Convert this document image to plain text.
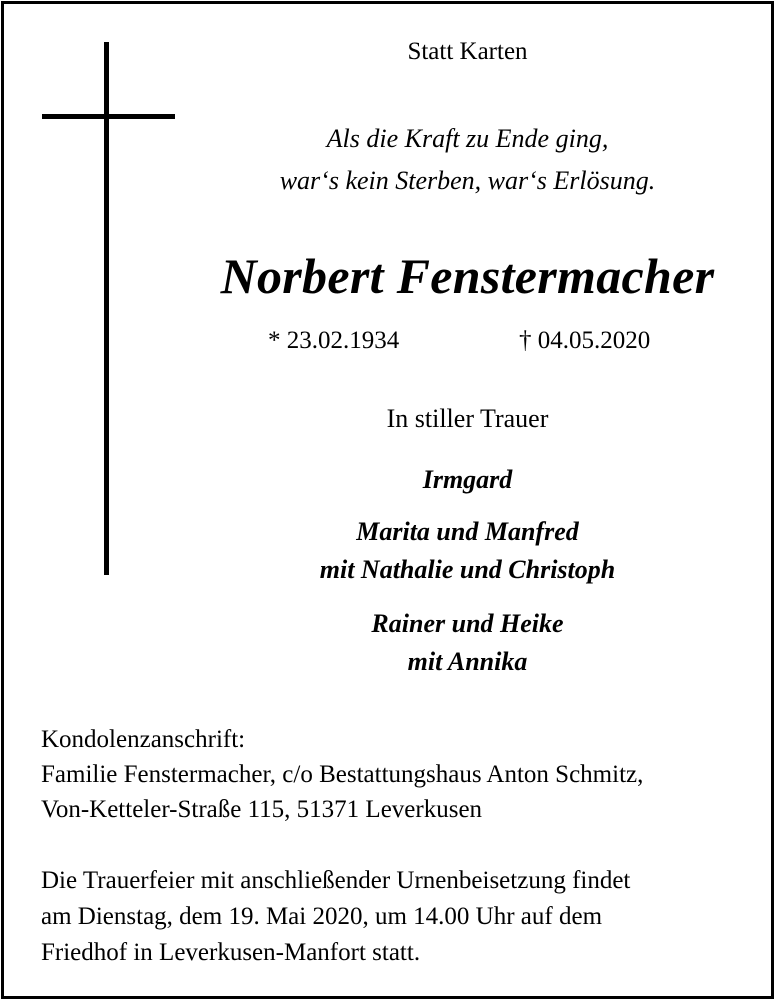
Statt Karten
Als die Kraft zu Ende ging,
war‘s kein Sterben, war‘s Erlösung.
Norbert Fenstermacher
* 23.02.1934	† 04.05.2020
In stiller Trauer
Irmgard
Marita und Manfred
mit Nathalie und Christoph
Rainer und Heike
mit Annika
Kondolenzanschrift:
Familie Fenstermacher, c/o Bestattungshaus Anton Schmitz,
Von-Ketteler-Straße 115, 51371 Leverkusen
Die Trauerfeier mit anschließender Urnenbeisetzung findet
am Dienstag, dem 19. Mai 2020, um 14.00 Uhr auf dem
Friedhof in Leverkusen-Manfort statt.
